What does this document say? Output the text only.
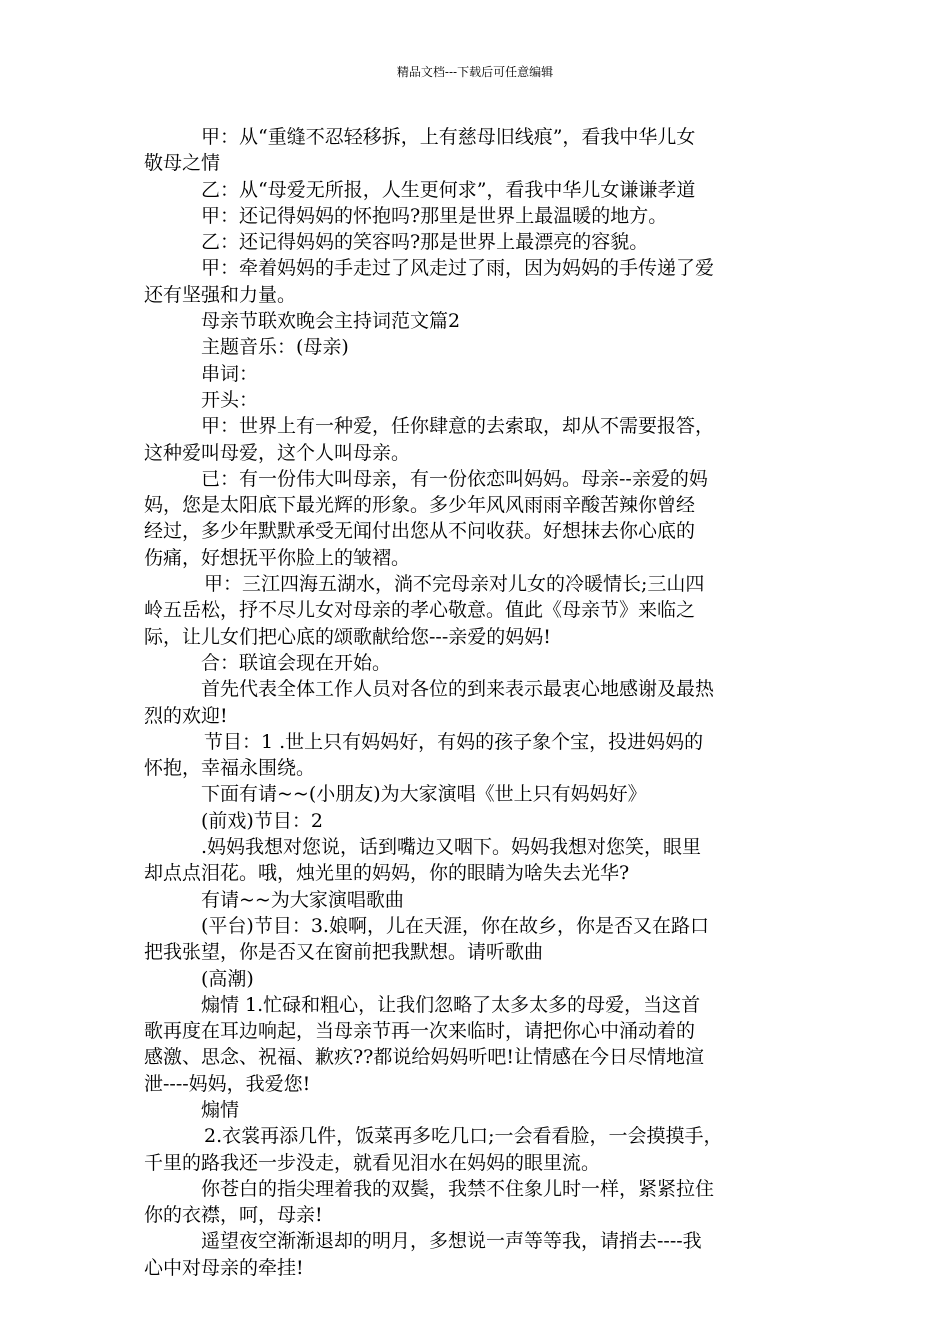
精品文档---下载后可任意编辑
甲：从“重缝不忍轻移拆，上有慈母旧线痕”，看我中华儿女
敬母之情
乙：从“母爱无所报，人生更何求”，看我中华儿女谦谦孝道
甲：还记得妈妈的怀抱吗?那里是世界上最温暖的地方。
乙：还记得妈妈的笑容吗?那是世界上最漂亮的容貌。
甲：牵着妈妈的手走过了风走过了雨，因为妈妈的手传递了爱
还有坚强和力量。
母亲节联欢晚会主持词范文篇2
主题音乐：(母亲)
串词：
开头：
甲：世界上有一种爱，任你肆意的去索取，却从不需要报答，
这种爱叫母爱，这个人叫母亲。
已：有一份伟大叫母亲，有一份依恋叫妈妈。母亲--亲爱的妈
妈，您是太阳底下最光辉的形象。多少年风风雨雨辛酸苦辣你曾经
经过，多少年默默承受无闻付出您从不问收获。好想抹去你心底的
伤痛，好想抚平你脸上的皱褶。
甲：三江四海五湖水，淌不完母亲对儿女的冷暖情长;三山四
岭五岳松，抒不尽儿女对母亲的孝心敬意。值此《母亲节》来临之
际，让儿女们把心底的颂歌献给您---亲爱的妈妈!
合：联谊会现在开始。
首先代表全体工作人员对各位的到来表示最衷心地感谢及最热
烈的欢迎!
节目：1 .世上只有妈妈好，有妈的孩子象个宝，投进妈妈的
怀抱，幸福永围绕。
下面有请~~(小朋友)为大家演唱《世上只有妈妈好》
(前戏)节目：2
.妈妈我想对您说，话到嘴边又咽下。妈妈我想对您笑，眼里
却点点泪花。哦，烛光里的妈妈，你的眼睛为啥失去光华?
有请~~为大家演唱歌曲
(平台)节目：3.娘啊，儿在天涯，你在故乡，你是否又在路口
把我张望，你是否又在窗前把我默想。请听歌曲
(高潮)
煽情 1.忙碌和粗心，让我们忽略了太多太多的母爱，当这首
歌再度在耳边响起，当母亲节再一次来临时，请把你心中涌动着的
感激、思念、祝福、歉疚??都说给妈妈听吧!让情感在今日尽情地渲
泄----妈妈，我爱您!
煽情
2.衣裳再添几件，饭菜再多吃几口;一会看看脸，一会摸摸手，
千里的路我还一步没走，就看见泪水在妈妈的眼里流。
你苍白的指尖理着我的双鬓，我禁不住象儿时一样，紧紧拉住
你的衣襟，呵，母亲!
遥望夜空渐渐退却的明月，多想说一声等等我，请捎去----我
心中对母亲的牵挂!
